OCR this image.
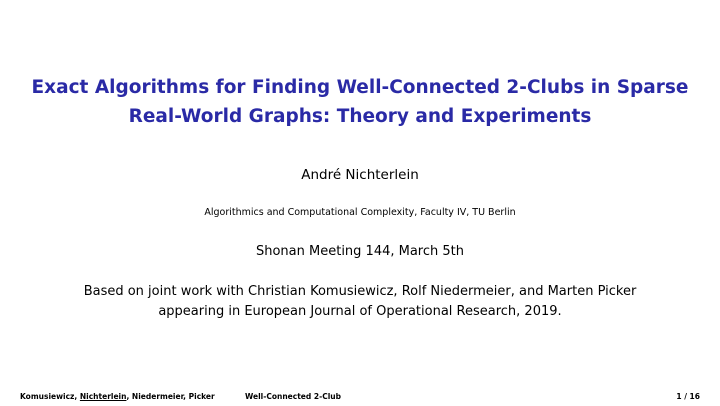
Exact Algorithms for Finding Well-Connected 2-Clubs in Sparse
Real-World Graphs: Theory and Experiments
André Nichterlein
Algorithmics and Computational Complexity, Faculty IV, TU Berlin
Shonan Meeting 144, March 5th
Based on joint work with Christian Komusiewicz, Rolf Niedermeier, and Marten Picker
appearing in European Journal of Operational Research, 2019.
Komusiewicz, Nichterlein, Niedermeier, Picker	Well-Connected 2-Club	1 / 16
